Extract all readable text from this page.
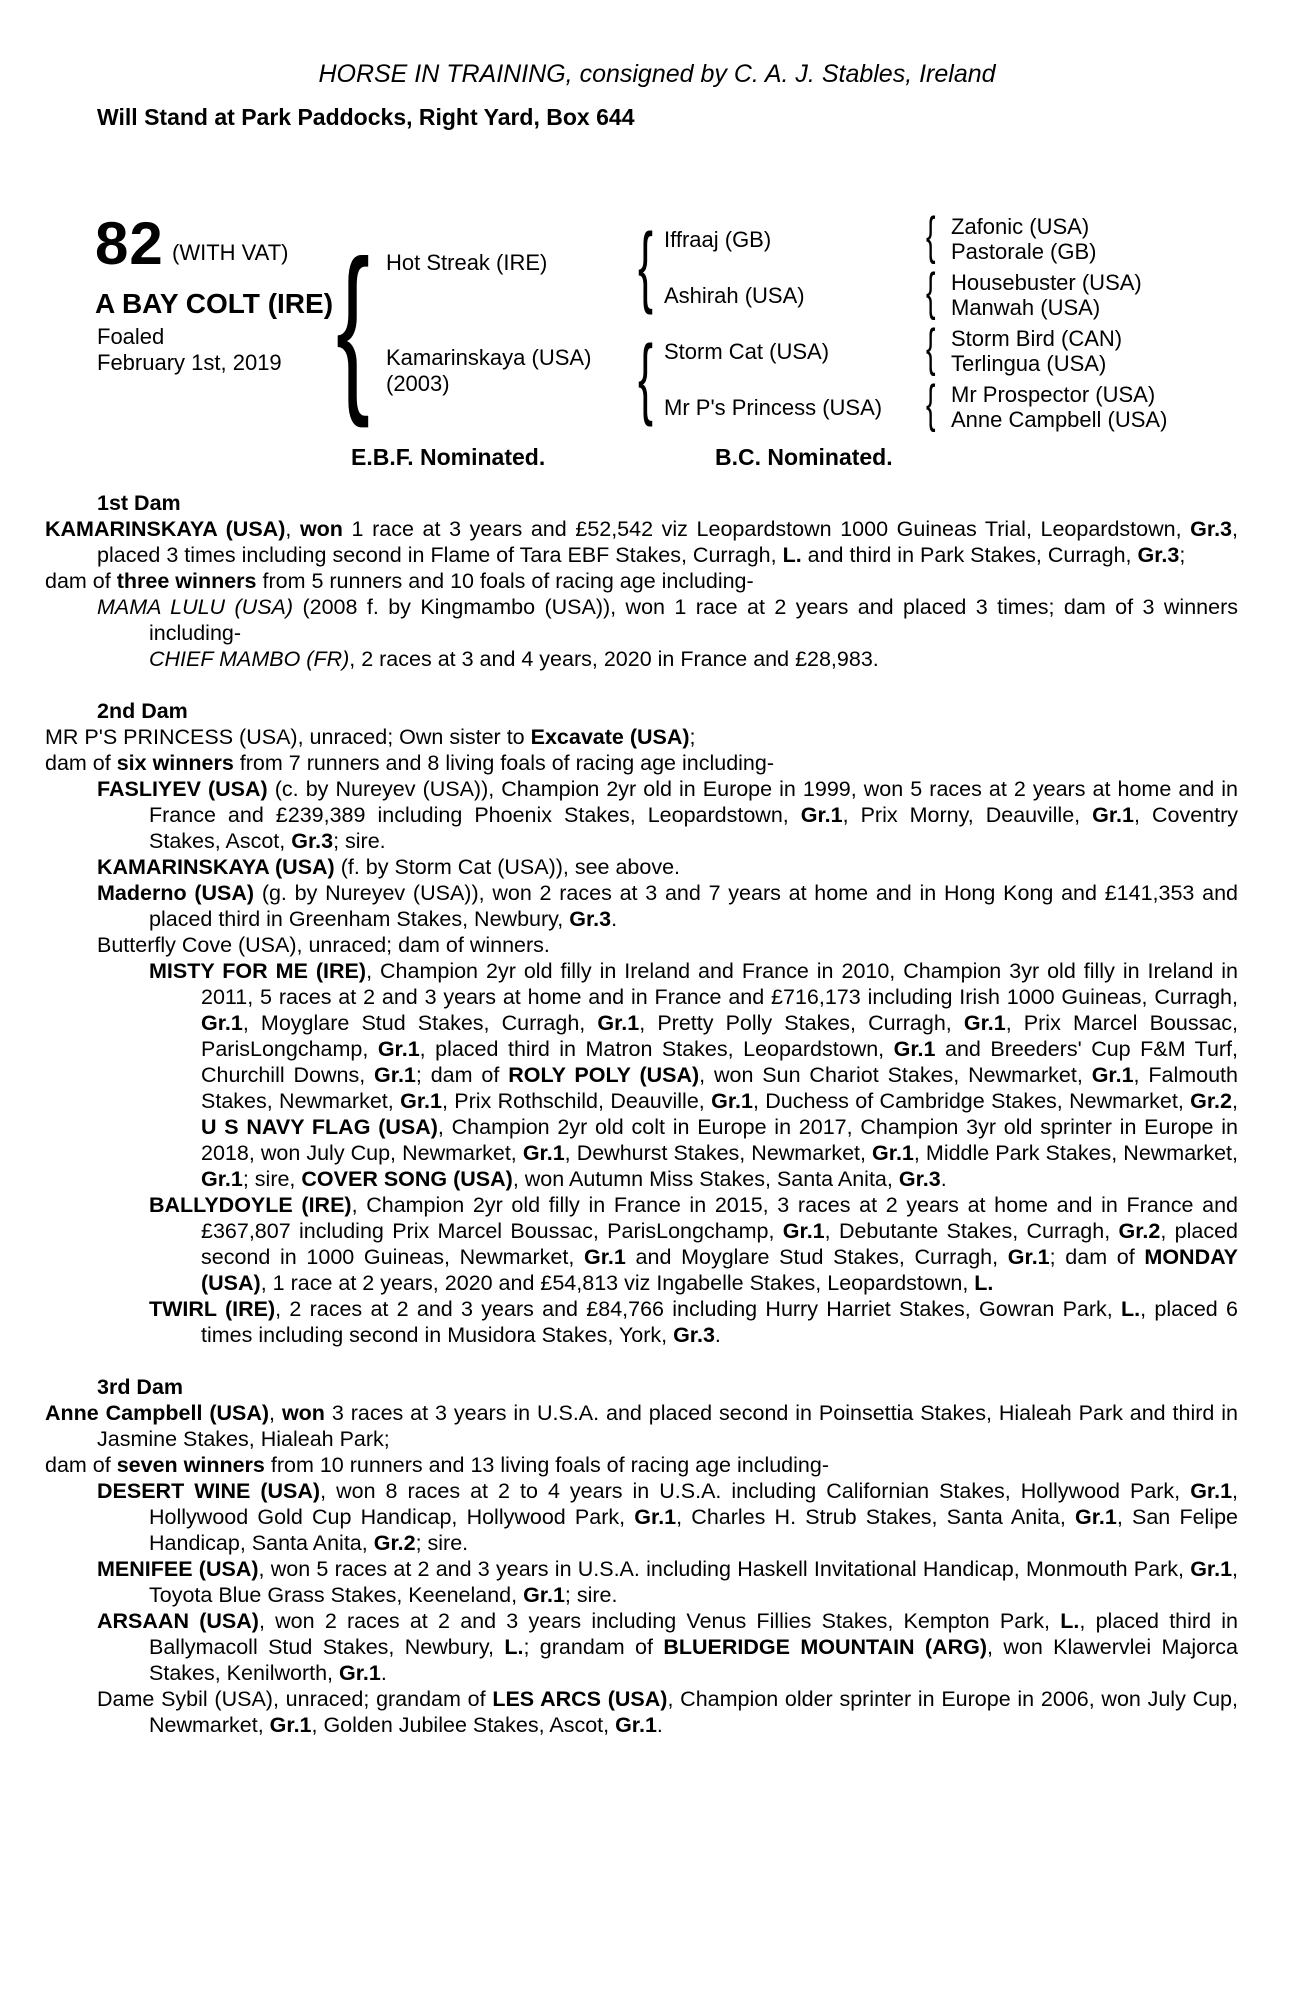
HORSE IN TRAINING, consigned by C. A. J. Stables, Ireland
Will Stand at Park Paddocks, Right Yard, Box 644
82 (WITH VAT)
A BAY COLT (IRE)
Foaled
February 1st, 2019 {	{
{
{
{
{
{
Hot Streak (IRE)
Kamarinskaya (USA)
(2003)
Iffraaj (GB)
Ashirah (USA)
Storm Cat (USA)
Mr P's Princess (USA)
Zafonic (USA)
Pastorale (GB)
Housebuster (USA)
Manwah (USA)
Storm Bird (CAN)
Terlingua (USA)
Mr Prospector (USA)
Anne Campbell (USA)
E.B.F. Nominated.	B.C. Nominated.

1st Dam

KAMARINSKAYA (USA), won 1 race at 3 years and £52,542 viz Leopardstown 1000 Guineas Trial, Leopardstown, Gr.3, placed 3 times including second in Flame of Tara EBF Stakes, Curragh, L. and third in Park Stakes, Curragh, Gr.3;

dam of three winners from 5 runners and 10 foals of racing age including-

MAMA LULU (USA) (2008 f. by Kingmambo (USA)), won 1 race at 2 years and placed 3 times; dam of 3 winners including-

CHIEF MAMBO (FR), 2 races at 3 and 4 years, 2020 in France and £28,983.

2nd Dam

MR P'S PRINCESS (USA), unraced; Own sister to Excavate (USA);

dam of six winners from 7 runners and 8 living foals of racing age including-

FASLIYEV (USA) (c. by Nureyev (USA)), Champion 2yr old in Europe in 1999, won 5 races at 2 years at home and in France and £239,389 including Phoenix Stakes, Leopardstown, Gr.1, Prix Morny, Deauville, Gr.1, Coventry Stakes, Ascot, Gr.3; sire.

KAMARINSKAYA (USA) (f. by Storm Cat (USA)), see above.

Maderno (USA) (g. by Nureyev (USA)), won 2 races at 3 and 7 years at home and in Hong Kong and £141,353 and placed third in Greenham Stakes, Newbury, Gr.3.

Butterfly Cove (USA), unraced; dam of winners.

MISTY FOR ME (IRE), Champion 2yr old filly in Ireland and France in 2010, Champion 3yr old filly in Ireland in 2011, 5 races at 2 and 3 years at home and in France and £716,173 including Irish 1000 Guineas, Curragh, Gr.1, Moyglare Stud Stakes, Curragh, Gr.1, Pretty Polly Stakes, Curragh, Gr.1, Prix Marcel Boussac, ParisLongchamp, Gr.1, placed third in Matron Stakes, Leopardstown, Gr.1 and Breeders' Cup F&M Turf, Churchill Downs, Gr.1; dam of ROLY POLY (USA), won Sun Chariot Stakes, Newmarket, Gr.1, Falmouth Stakes, Newmarket, Gr.1, Prix Rothschild, Deauville, Gr.1, Duchess of Cambridge Stakes, Newmarket, Gr.2, U S NAVY FLAG (USA), Champion 2yr old colt in Europe in 2017, Champion 3yr old sprinter in Europe in 2018, won July Cup, Newmarket, Gr.1, Dewhurst Stakes, Newmarket, Gr.1, Middle Park Stakes, Newmarket, Gr.1; sire, COVER SONG (USA), won Autumn Miss Stakes, Santa Anita, Gr.3.

BALLYDOYLE (IRE), Champion 2yr old filly in France in 2015, 3 races at 2 years at home and in France and £367,807 including Prix Marcel Boussac, ParisLongchamp, Gr.1, Debutante Stakes, Curragh, Gr.2, placed second in 1000 Guineas, Newmarket, Gr.1 and Moyglare Stud Stakes, Curragh, Gr.1; dam of MONDAY (USA), 1 race at 2 years, 2020 and £54,813 viz Ingabelle Stakes, Leopardstown, L.

TWIRL (IRE), 2 races at 2 and 3 years and £84,766 including Hurry Harriet Stakes, Gowran Park, L., placed 6 times including second in Musidora Stakes, York, Gr.3.

3rd Dam

Anne Campbell (USA), won 3 races at 3 years in U.S.A. and placed second in Poinsettia Stakes, Hialeah Park and third in Jasmine Stakes, Hialeah Park;

dam of seven winners from 10 runners and 13 living foals of racing age including-

DESERT WINE (USA), won 8 races at 2 to 4 years in U.S.A. including Californian Stakes, Hollywood Park, Gr.1, Hollywood Gold Cup Handicap, Hollywood Park, Gr.1, Charles H. Strub Stakes, Santa Anita, Gr.1, San Felipe Handicap, Santa Anita, Gr.2; sire.

MENIFEE (USA), won 5 races at 2 and 3 years in U.S.A. including Haskell Invitational Handicap, Monmouth Park, Gr.1, Toyota Blue Grass Stakes, Keeneland, Gr.1; sire.

ARSAAN (USA), won 2 races at 2 and 3 years including Venus Fillies Stakes, Kempton Park, L., placed third in Ballymacoll Stud Stakes, Newbury, L.; grandam of BLUERIDGE MOUNTAIN (ARG), won Klawervlei Majorca Stakes, Kenilworth, Gr.1.

Dame Sybil (USA), unraced; grandam of LES ARCS (USA), Champion older sprinter in Europe in 2006, won July Cup, Newmarket, Gr.1, Golden Jubilee Stakes, Ascot, Gr.1.
